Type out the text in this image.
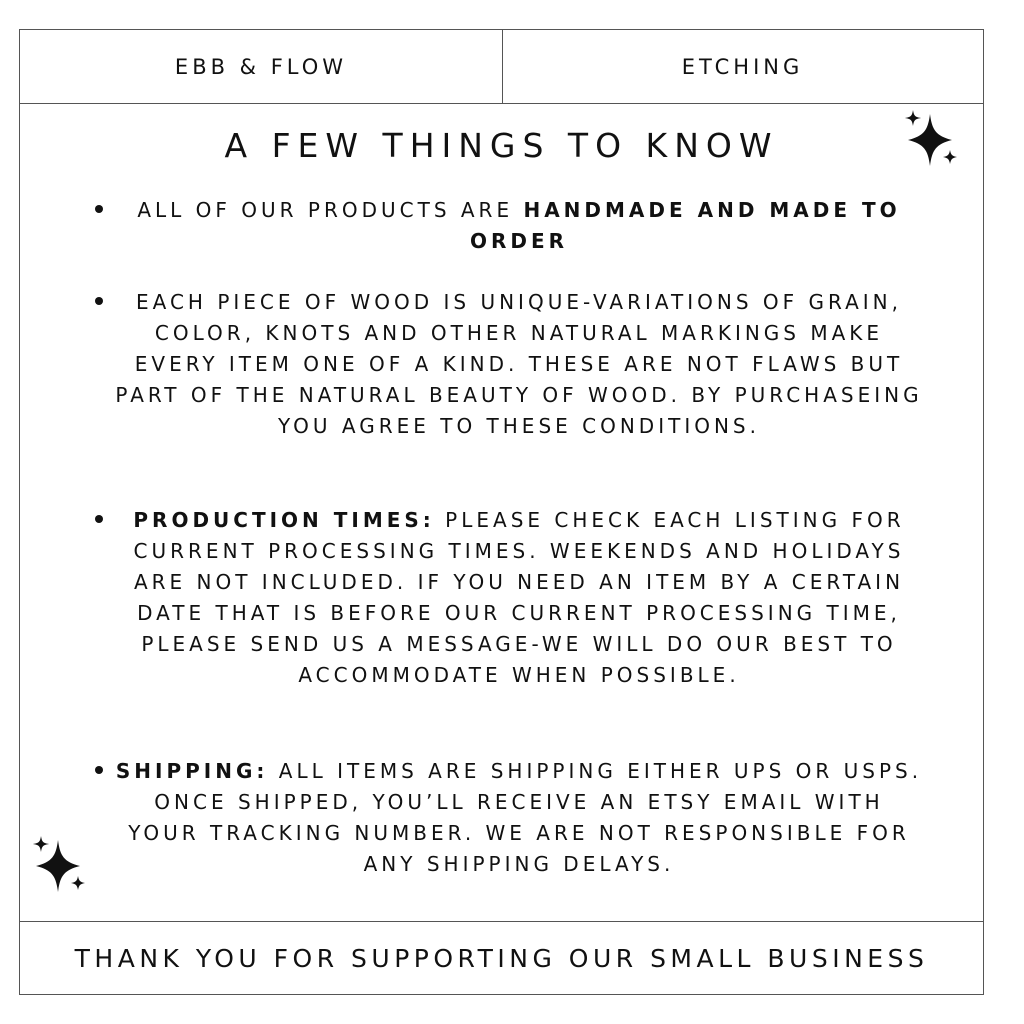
EBB & FLOW	ETCHING
A FEW THINGS TO KNOW
ALL OF OUR PRODUCTS ARE HANDMADE AND MADE TO ORDER
EACH PIECE OF WOOD IS UNIQUE-VARIATIONS OF GRAIN, COLOR, KNOTS AND OTHER NATURAL MARKINGS MAKE EVERY ITEM ONE OF A KIND. THESE ARE NOT FLAWS BUT PART OF THE NATURAL BEAUTY OF WOOD. BY PURCHASEING YOU AGREE TO THESE CONDITIONS.
PRODUCTION TIMES: PLEASE CHECK EACH LISTING FOR CURRENT PROCESSING TIMES. WEEKENDS AND HOLIDAYS ARE NOT INCLUDED. IF YOU NEED AN ITEM BY A CERTAIN DATE THAT IS BEFORE OUR CURRENT PROCESSING TIME, PLEASE SEND US A MESSAGE-WE WILL DO OUR BEST TO ACCOMMODATE WHEN POSSIBLE.
SHIPPING: ALL ITEMS ARE SHIPPING EITHER UPS OR USPS. ONCE SHIPPED, YOU’LL RECEIVE AN ETSY EMAIL WITH YOUR TRACKING NUMBER. WE ARE NOT RESPONSIBLE FOR ANY SHIPPING DELAYS.
THANK YOU FOR SUPPORTING OUR SMALL BUSINESS
